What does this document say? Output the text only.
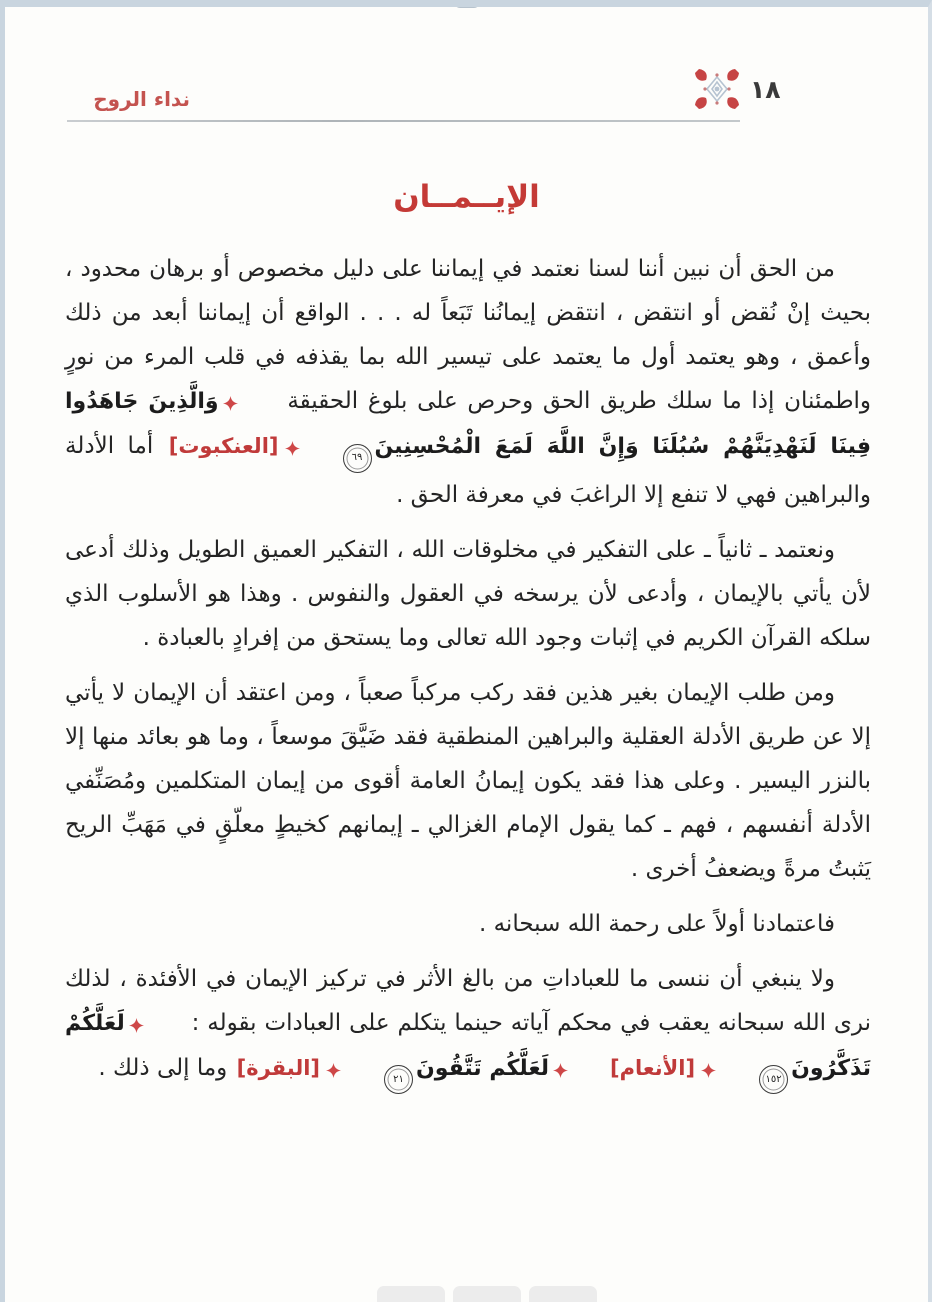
نداء الروح	١٨
الإيــمــان

من الحق أن نبين أننا لسنا نعتمد في إيماننا على دليل مخصوص أو برهان محدود ، بحيث إنْ نُقض أو انتقض ، انتقض إيمانُنا تَبَعاً له . . . الواقع أن إيماننا أبعد من ذلك وأعمق ، وهو يعتمد أول ما يعتمد على تيسير الله بما يقذفه في قلب المرء من نورٍ واطمئنان إذا ما سلك طريق الحق وحرص على بلوغ الحقيقة وَالَّذِينَ جَاهَدُوا فِينَا لَنَهْدِيَنَّهُمْ سُبُلَنَا وَإِنَّ اللَّهَ لَمَعَ الْمُحْسِنِينَ٦٩[العنكبوت] أما الأدلة والبراهين فهي لا تنفع إلا الراغبَ في معرفة الحق .

ونعتمد ـ ثانياً ـ على التفكير في مخلوقات الله ، التفكير العميق الطويل وذلك أدعى لأن يأتي بالإيمان ، وأدعى لأن يرسخه في العقول والنفوس . وهذا هو الأسلوب الذي سلكه القرآن الكريم في إثبات وجود الله تعالى وما يستحق من إفرادٍ بالعبادة .

ومن طلب الإيمان بغير هذين فقد ركب مركباً صعباً ، ومن اعتقد أن الإيمان لا يأتي إلا عن طريق الأدلة العقلية والبراهين المنطقية فقد ضَيَّقَ موسعاً ، وما هو بعائد منها إلا بالنزر اليسير . وعلى هذا فقد يكون إيمانُ العامة أقوى من إيمان المتكلمين ومُصَنِّفي الأدلة أنفسهم ، فهم ـ كما يقول الإمام الغزالي ـ إيمانهم كخيطٍ معلّقٍ في مَهَبِّ الريح يَثبتُ مرةً ويضعفُ أخرى .

فاعتمادنا أولاً على رحمة الله سبحانه .

ولا ينبغي أن ننسى ما للعباداتِ من بالغ الأثر في تركيز الإيمان في الأفئدة ، لذلك نرى الله سبحانه يعقب في محكم آياته حينما يتكلم على العبادات بقوله : لَعَلَّكُمْ تَذَكَّرُونَ١٥٢[الأنعام]لَعَلَّكُم تَتَّقُونَ٢١[البقرة] وما إلى ذلك .
